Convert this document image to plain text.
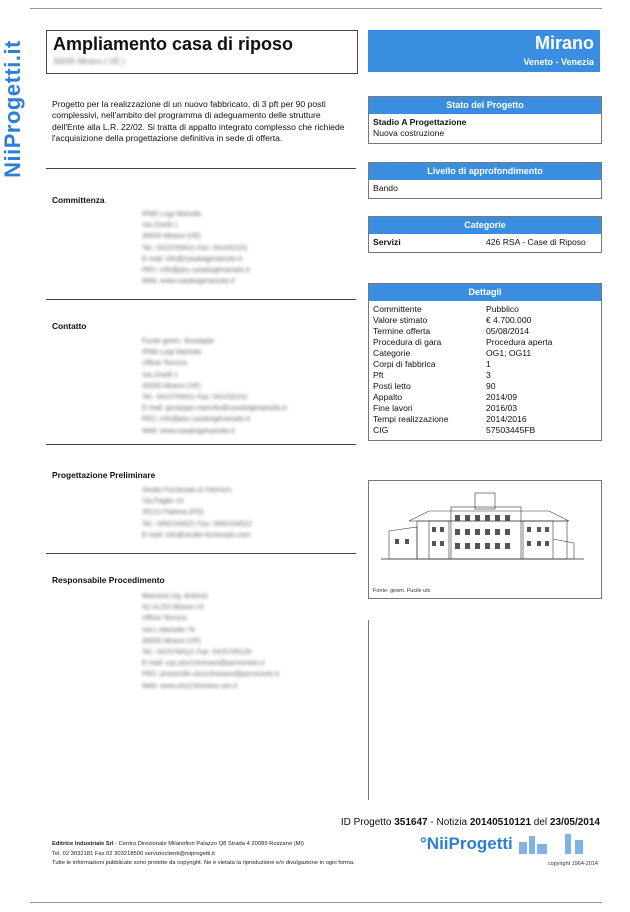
NiiProgetti.it Ampliamento casa di riposo
30035 Mirano ( VE )
Mirano
Veneto - Venezia
Progetto per la realizzazione di un nuovo fabbricato, di 3 pft per 90 posti complessivi, nell'ambito del programma di adeguamento delle strutture dell'Ente alla L.R. 22/02. Si tratta di appalto integrato complesso che richiede l'acquisizione della progettazione definitiva in sede di offerta.
Committenza
IPAB Luigi Mariutto
Via Zinelli 1
30035 Mirano (VE)
Tel.: 0415709411 Fax: 041432151
E-mail: info@casaluigimariutto.it
PEC: info@pec.casaluigimariutto.it
Web: www.casaluigimariutto.it
Contatto
Fucile geom. Giuseppe
IPAB Luigi Mariutto
Ufficio Tecnico
Via Zinelli 1
30035 Mirano (VE)
Tel.: 0415709411 Fax: 041432151
E-mail: giuseppe.mariutto@casaluigimariutto.it
PEC: info@pec.casaluigimariutto.it
Web: www.casaluigimariutto.it
Progettazione Preliminare
Studio Fochesato & Partners
Via Paglia 14
35122 Padova (PD)
Tel.: 0492104521 Fax: 0492104522
E-mail: info@studio-fochesato.com
Responsabile Procedimento
Marcone ing. Antonio
Az.ULSS Mirano 13
Ufficio Tecnico
Via L.Mariutto 76
30035 Mirano (VE)
Tel.: 0415794111 Fax: 0415795129
E-mail: urp.ulss13mirano@pecveneto.it
PEC: protocollo.ulss13mirano@pecveneto.it
Web: www.ulss13mirano.ven.it
Stato del Progetto
Stadio A Progettazione
Nuova costruzione
Livello di approfondimento
Bando
Categorie
Servizi	426 RSA - Case di Riposo
Dettagli
Committente	Pubblico
Valore stimato	€ 4.700.000
Termine offerta	05/08/2014
Procedura di gara	Procedura aperta
Categorie	OG1; OG11
Corpi di fabbrica	1
Pft	3
Posti letto	90
Appalto	2014/09
Fine lavori	2016/03
Tempi realizzazione	2014/2016
CIG	57503445FB
Fonte: geom. Fucile utc
ID Progetto 351647 - Notizia 20140510121 del 23/05/2014
Editrice Industriale Srl - Centro Direzionale Milanofiori Palazzo Q8 Strada 4 20089 Rozzano (MI)
Tel. 02 3032181 Fax 02 303218500 servizioclienti@niiprogetti.it
Tutte le informazioni pubblicate sono protette da copyright. Ne è vietata la riproduzione e/o divulgazione in ogni forma.
°NiiProgetti
copyright 1964-2014
